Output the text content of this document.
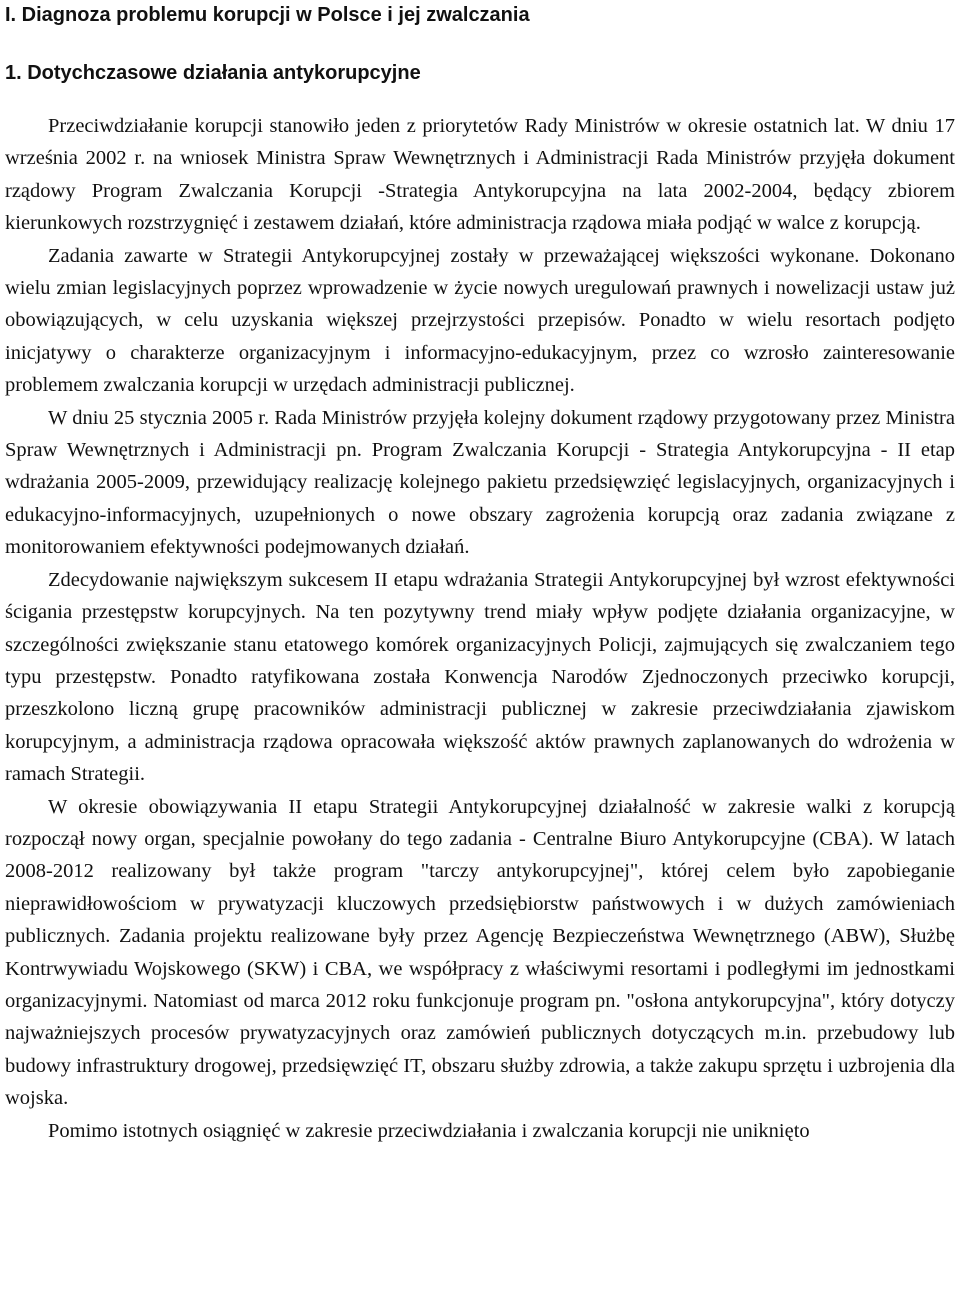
I. Diagnoza problemu korupcji w Polsce i jej zwalczania
1. Dotychczasowe działania antykorupcyjne

Przeciwdziałanie korupcji stanowiło jeden z priorytetów Rady Ministrów w okresie ostatnich lat. W dniu 17 września 2002 r. na wniosek Ministra Spraw Wewnętrznych i Administracji Rada Ministrów przyjęła dokument rządowy Program Zwalczania Korupcji -Strategia Antykorupcyjna na lata 2002-2004, będący zbiorem kierunkowych rozstrzygnięć i zestawem działań, które administracja rządowa miała podjąć w walce z korupcją.

Zadania zawarte w Strategii Antykorupcyjnej zostały w przeważającej większości wykonane. Dokonano wielu zmian legislacyjnych poprzez wprowadzenie w życie nowych uregulowań prawnych i nowelizacji ustaw już obowiązujących, w celu uzyskania większej przejrzystości przepisów. Ponadto w wielu resortach podjęto inicjatywy o charakterze organizacyjnym i informacyjno-edukacyjnym, przez co wzrosło zainteresowanie problemem zwalczania korupcji w urzędach administracji publicznej.

W dniu 25 stycznia 2005 r. Rada Ministrów przyjęła kolejny dokument rządowy przygotowany przez Ministra Spraw Wewnętrznych i Administracji pn. Program Zwalczania Korupcji - Strategia Antykorupcyjna - II etap wdrażania 2005-2009, przewidujący realizację kolejnego pakietu przedsięwzięć legislacyjnych, organizacyjnych i edukacyjno-informacyjnych, uzupełnionych o nowe obszary zagrożenia korupcją oraz zadania związane z monitorowaniem efektywności podejmowanych działań.

Zdecydowanie największym sukcesem II etapu wdrażania Strategii Antykorupcyjnej był wzrost efektywności ścigania przestępstw korupcyjnych. Na ten pozytywny trend miały wpływ podjęte działania organizacyjne, w szczególności zwiększanie stanu etatowego komórek organizacyjnych Policji, zajmujących się zwalczaniem tego typu przestępstw. Ponadto ratyfikowana została Konwencja Narodów Zjednoczonych przeciwko korupcji, przeszkolono liczną grupę pracowników administracji publicznej w zakresie przeciwdziałania zjawiskom korupcyjnym, a administracja rządowa opracowała większość aktów prawnych zaplanowanych do wdrożenia w ramach Strategii.

W okresie obowiązywania II etapu Strategii Antykorupcyjnej działalność w zakresie walki z korupcją rozpoczął nowy organ, specjalnie powołany do tego zadania - Centralne Biuro Antykorupcyjne (CBA). W latach 2008-2012 realizowany był także program "tarczy antykorupcyjnej", której celem było zapobieganie nieprawidłowościom w prywatyzacji kluczowych przedsiębiorstw państwowych i w dużych zamówieniach publicznych. Zadania projektu realizowane były przez Agencję Bezpieczeństwa Wewnętrznego (ABW), Służbę Kontrwywiadu Wojskowego (SKW) i CBA, we współpracy z właściwymi resortami i podległymi im jednostkami organizacyjnymi. Natomiast od marca 2012 roku funkcjonuje program pn. "osłona antykorupcyjna", który dotyczy najważniejszych procesów prywatyzacyjnych oraz zamówień publicznych dotyczących m.in. przebudowy lub budowy infrastruktury drogowej, przedsięwzięć IT, obszaru służby zdrowia, a także zakupu sprzętu i uzbrojenia dla wojska.

Pomimo istotnych osiągnięć w zakresie przeciwdziałania i zwalczania korupcji nie uniknięto
